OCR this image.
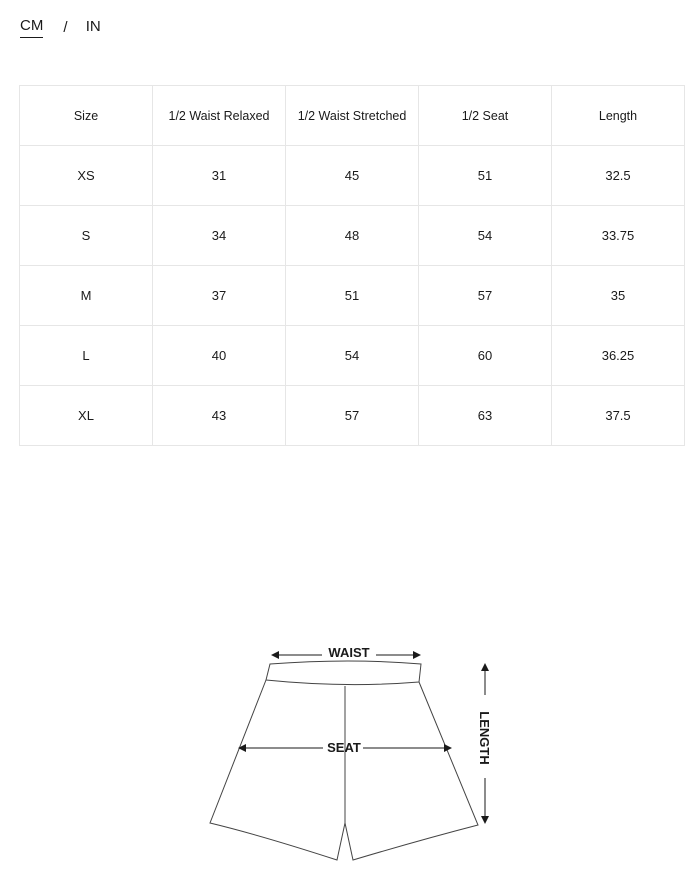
CM / IN
Size	1/2 Waist Relaxed	1/2 Waist Stretched	1/2 Seat	Length
XS	31	45	51	32.5
S	34	48	54	33.75
M	37	51	57	35
L	40	54	60	36.25
XL	43	57	63	37.5
WAIST
SEAT	LENGTH
